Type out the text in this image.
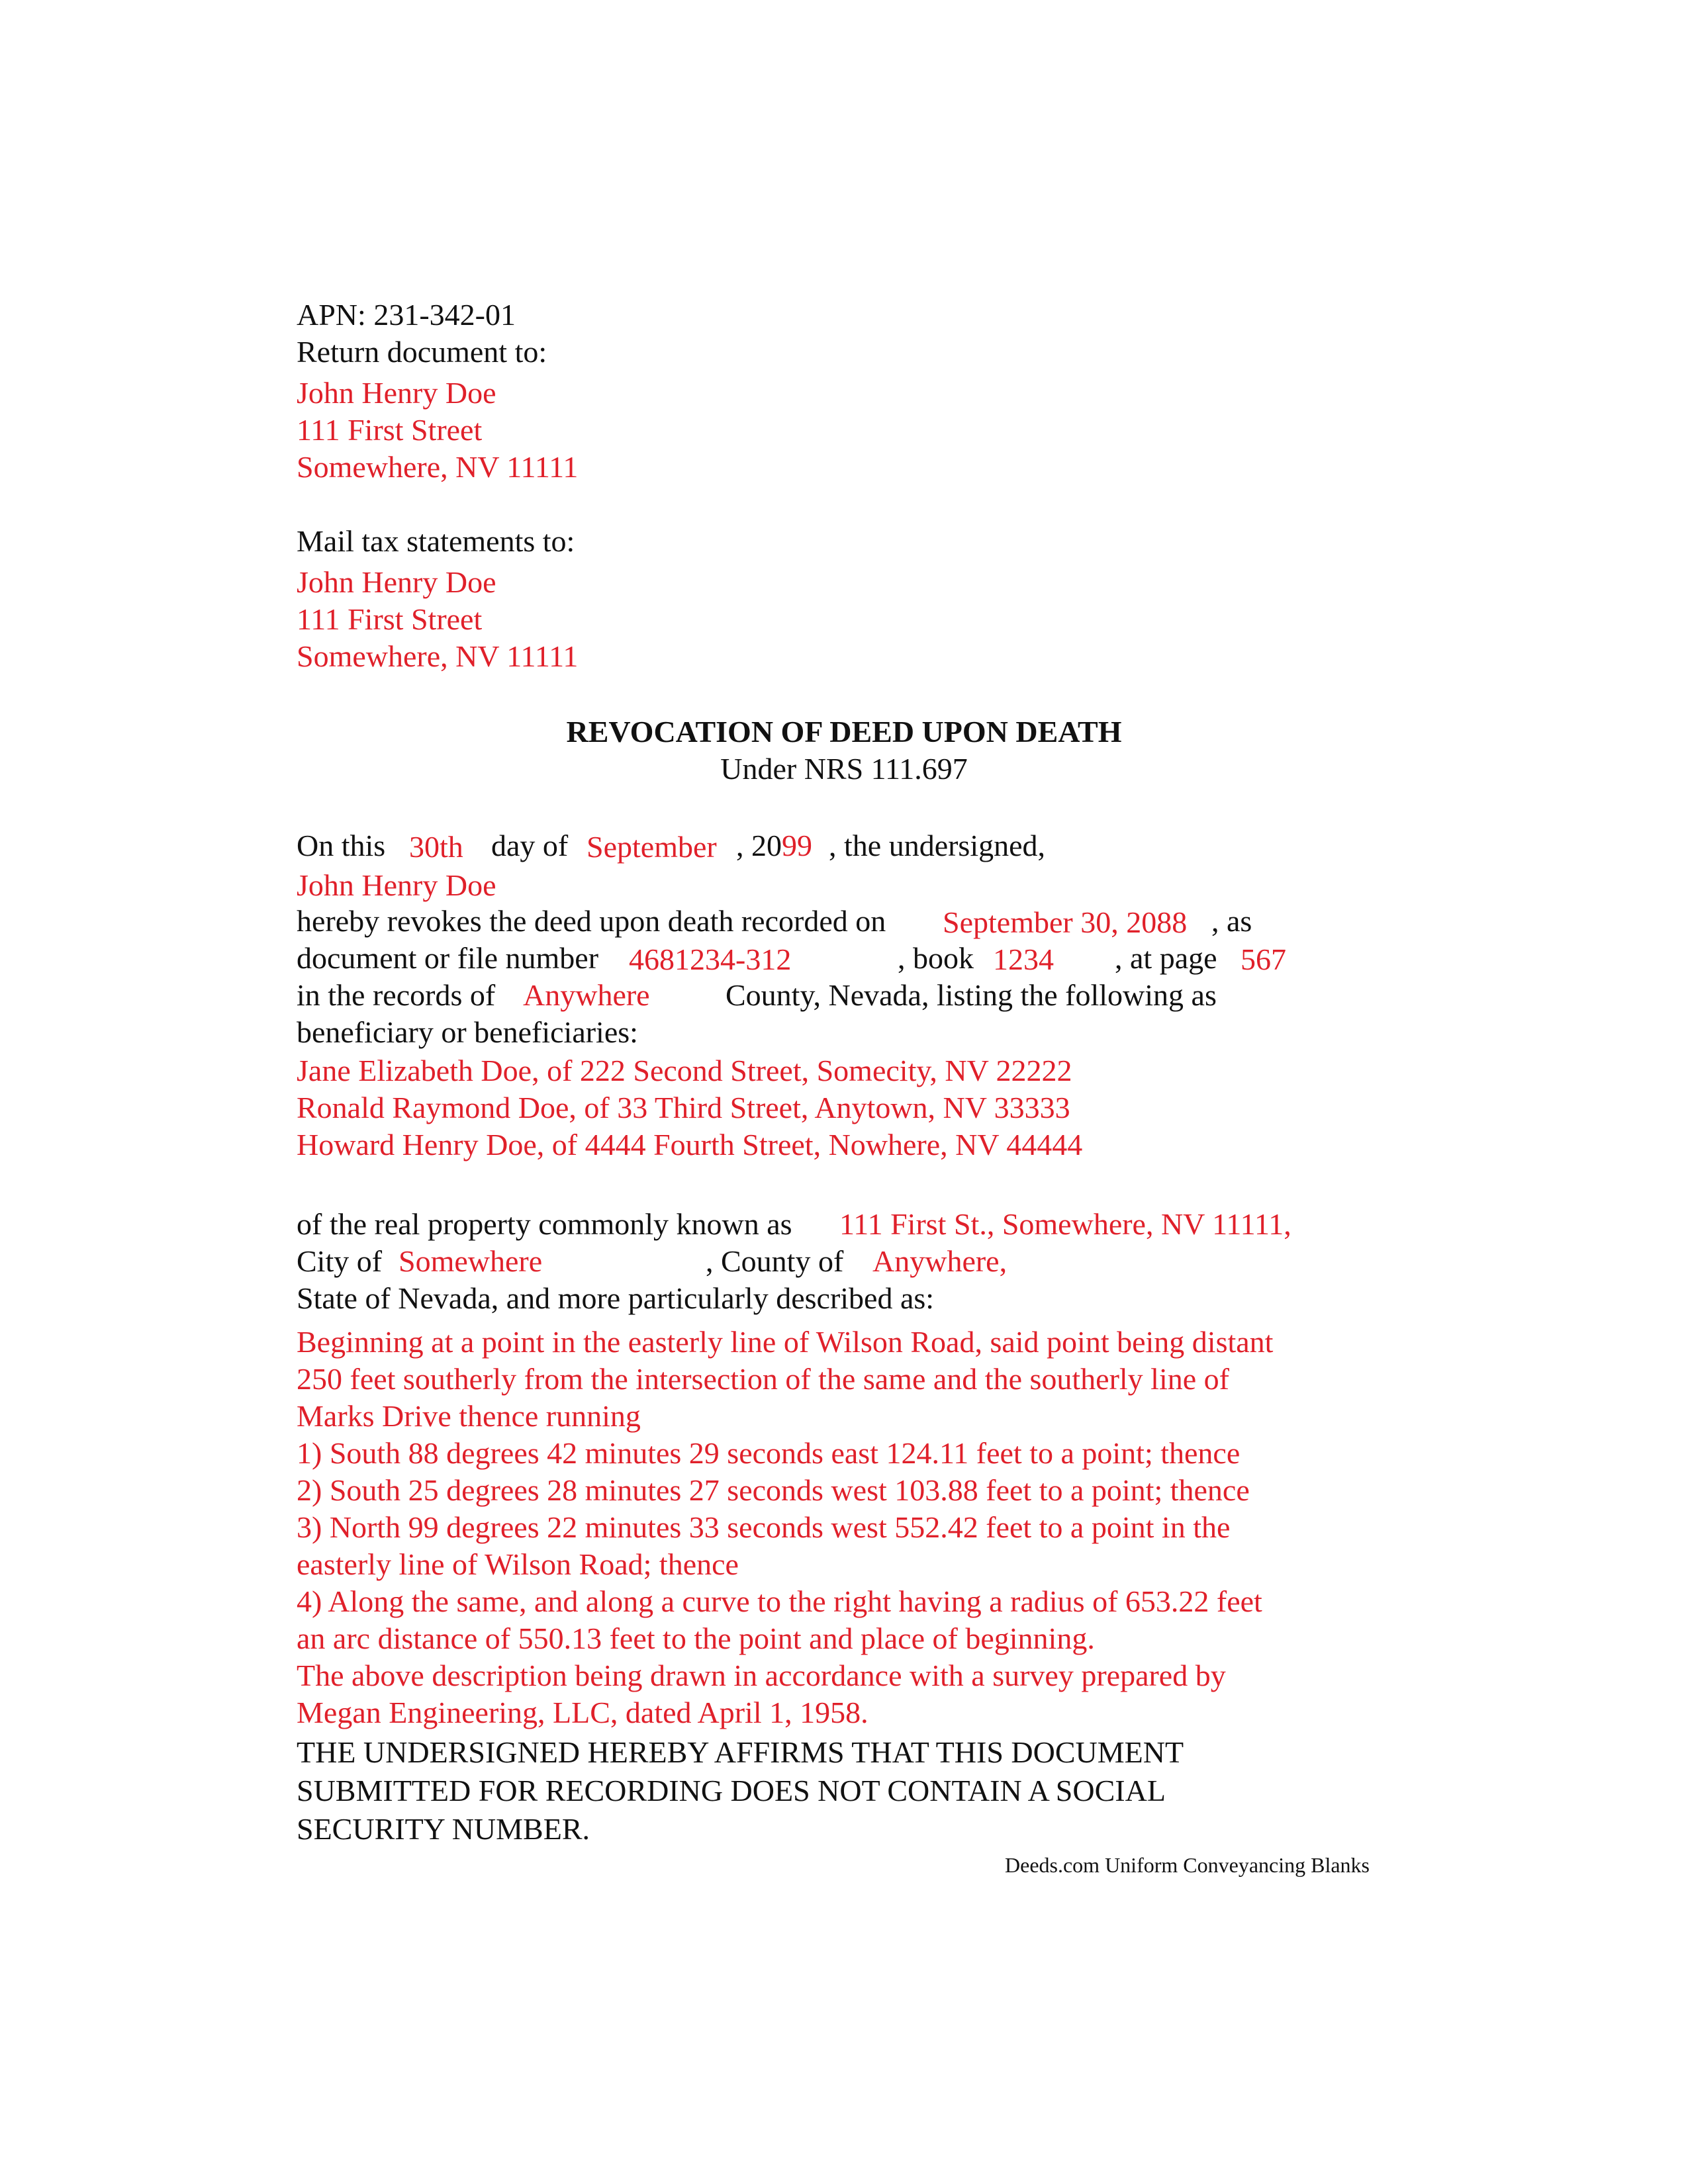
APN: 231-342-01
Return document to:
John Henry Doe
111 First Street
Somewhere, NV 11111
Mail tax statements to:
John Henry Doe
111 First Street
Somewhere, NV 11111
REVOCATION OF DEED UPON DEATH
Under NRS 111.697
On this 30th day of September , 2099 , the undersigned,
John Henry Doe
hereby revokes the deed upon death recorded on September 30, 2088 , as
document or file number 4681234-312	, book 1234 , at page 567
in the records of Anywhere County, Nevada, listing the following as
beneficiary or beneficiaries:
Jane Elizabeth Doe, of 222 Second Street, Somecity, NV 22222
Ronald Raymond Doe, of 33 Third Street, Anytown, NV 33333
Howard Henry Doe, of 4444 Fourth Street, Nowhere, NV 44444
of the real property commonly known as 111 First St., Somewhere, NV 11111,
City of Somewhere	, County of Anywhere,
State of Nevada, and more particularly described as:
Beginning at a point in the easterly line of Wilson Road, said point being distant
250 feet southerly from the intersection of the same and the southerly line of
Marks Drive thence running
1) South 88 degrees 42 minutes 29 seconds east 124.11 feet to a point; thence
2) South 25 degrees 28 minutes 27 seconds west 103.88 feet to a point; thence
3) North 99 degrees 22 minutes 33 seconds west 552.42 feet to a point in the
easterly line of Wilson Road; thence
4) Along the same, and along a curve to the right having a radius of 653.22 feet
an arc distance of 550.13 feet to the point and place of beginning.
The above description being drawn in accordance with a survey prepared by
Megan Engineering, LLC, dated April 1, 1958.
THE UNDERSIGNED HEREBY AFFIRMS THAT THIS DOCUMENT
SUBMITTED FOR RECORDING DOES NOT CONTAIN A SOCIAL
SECURITY NUMBER.
Deeds.com Uniform Conveyancing Blanks
